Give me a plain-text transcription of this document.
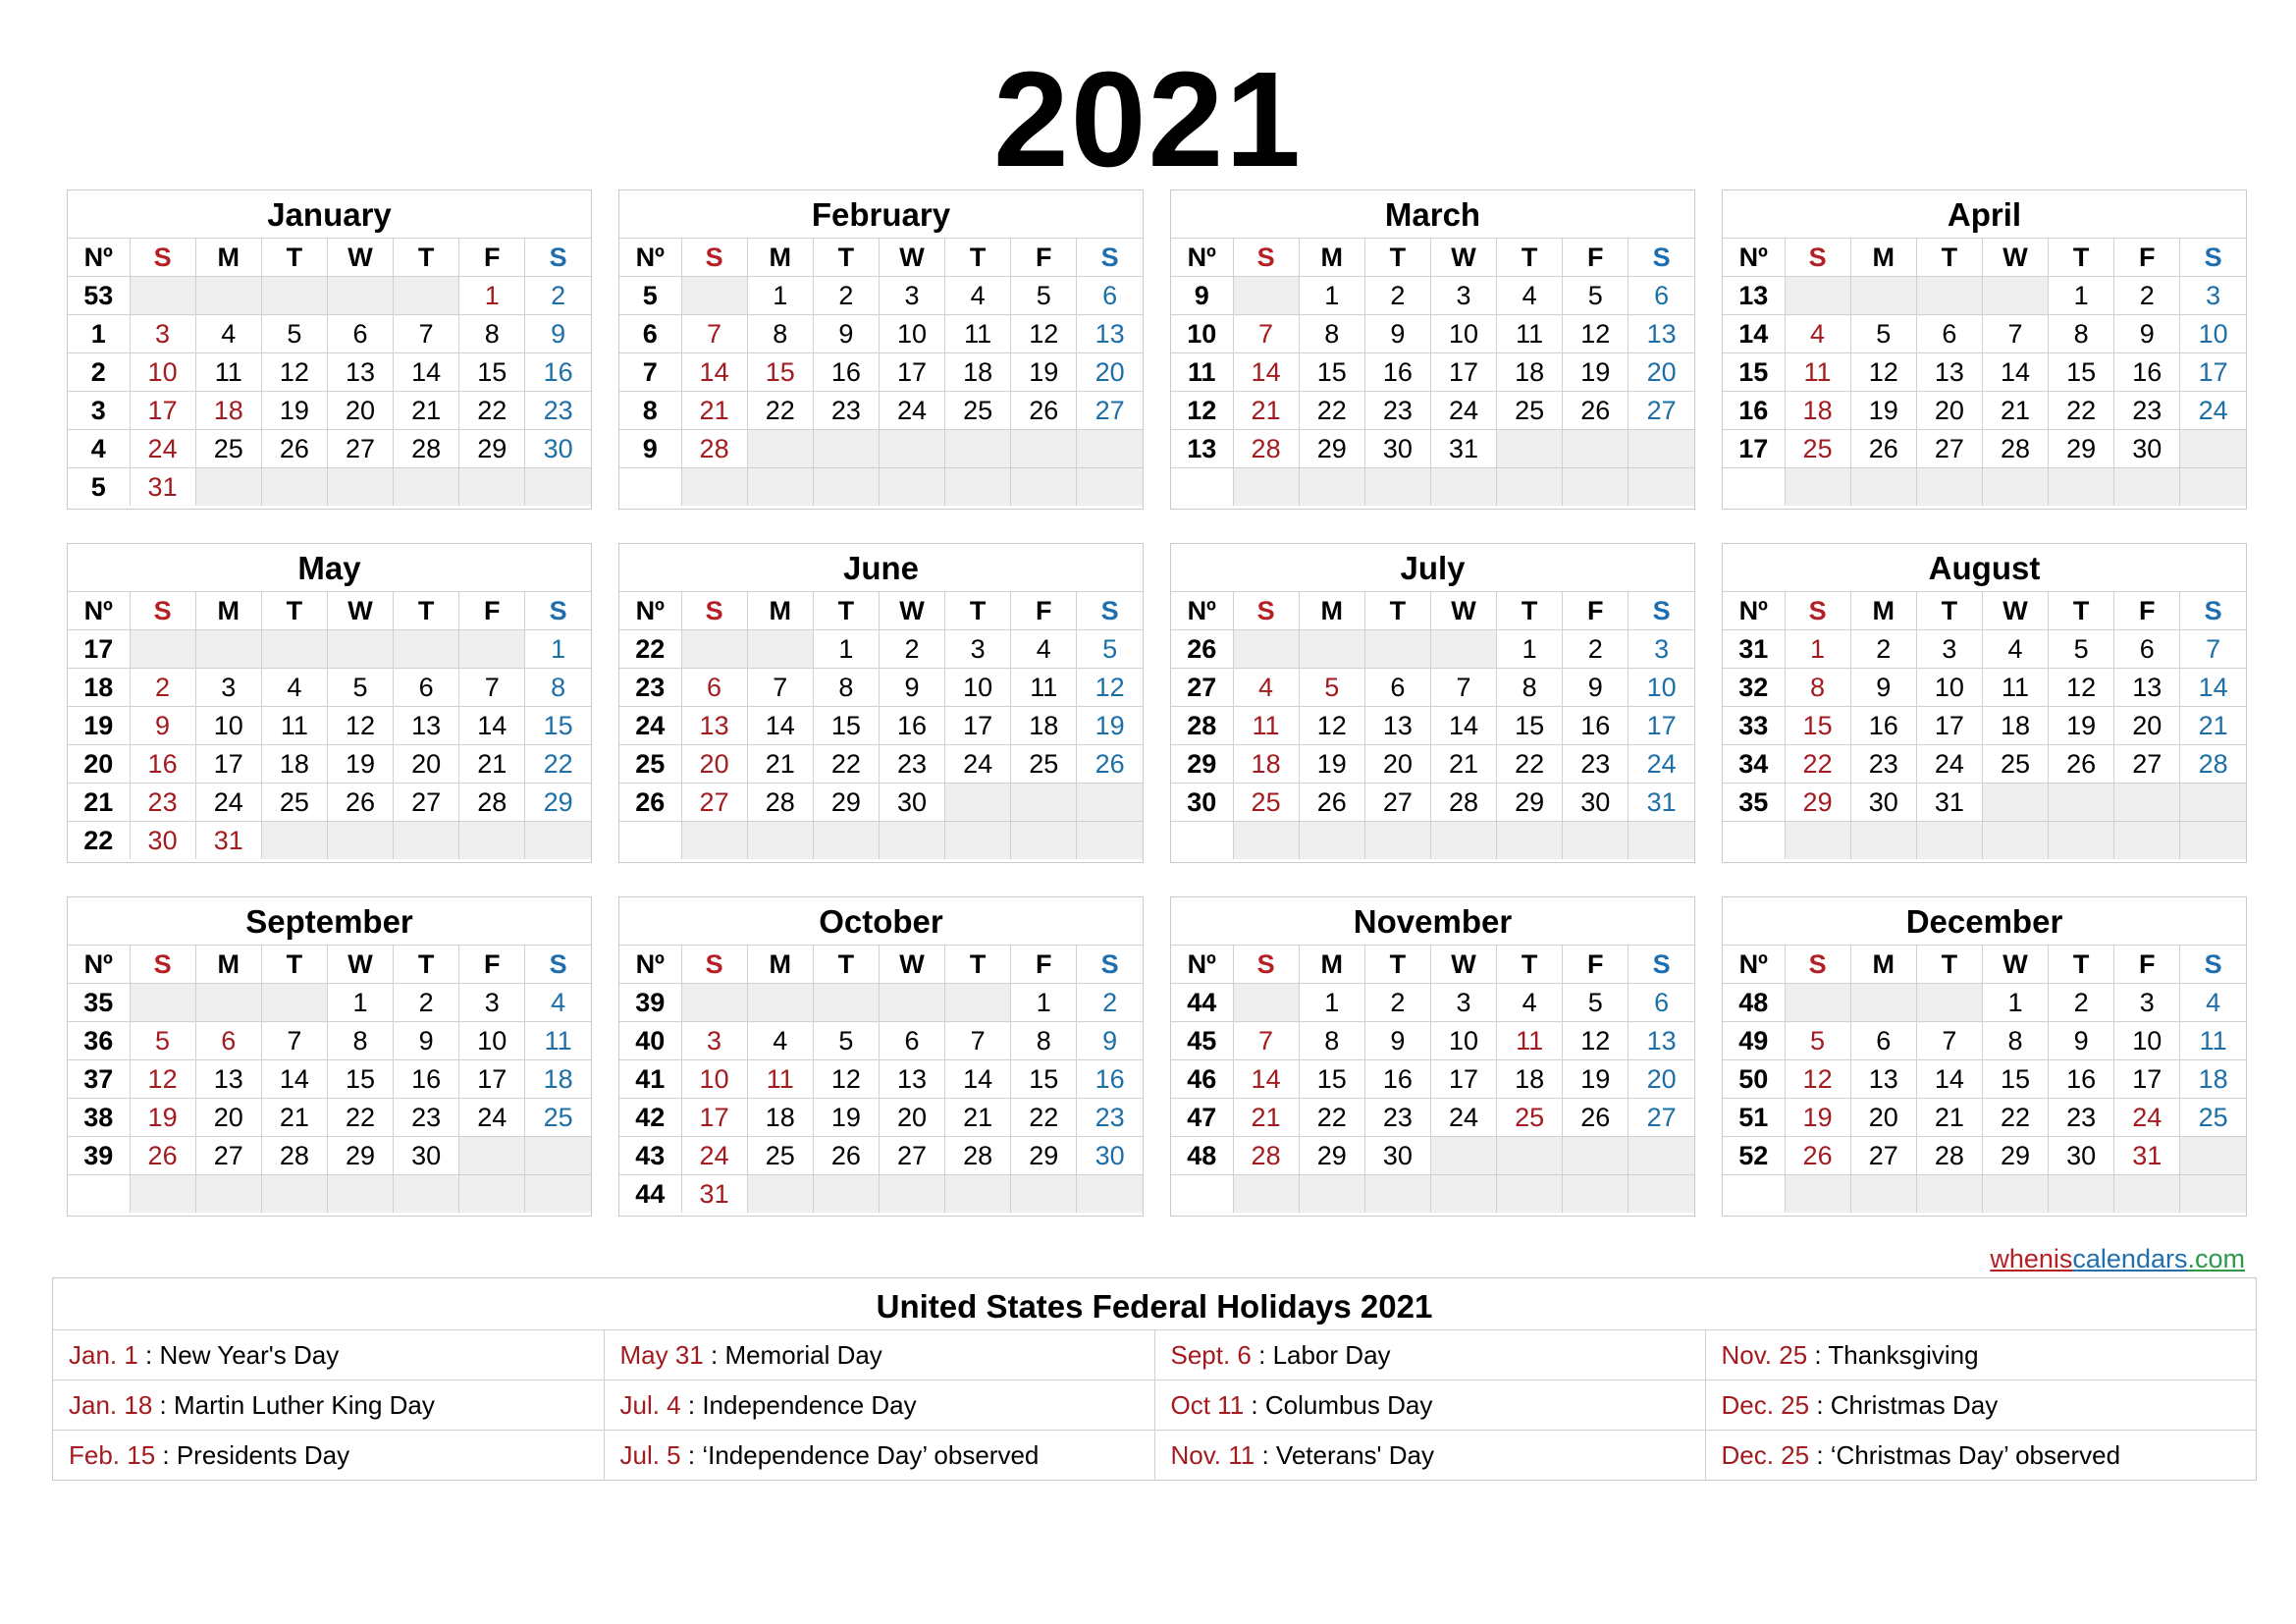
2021
January
Nº	S	M	T	W	T	F	S
53						1	2
1	3	4	5	6	7	8	9
2	10	11	12	13	14	15	16
3	17	18	19	20	21	22	23
4	24	25	26	27	28	29	30
5	31						
February
Nº	S	M	T	W	T	F	S
5		1	2	3	4	5	6
6	7	8	9	10	11	12	13
7	14	15	16	17	18	19	20
8	21	22	23	24	25	26	27
9	28						

March
Nº	S	M	T	W	T	F	S
9		1	2	3	4	5	6
10	7	8	9	10	11	12	13
11	14	15	16	17	18	19	20
12	21	22	23	24	25	26	27
13	28	29	30	31			

April
Nº	S	M	T	W	T	F	S
13					1	2	3
14	4	5	6	7	8	9	10
15	11	12	13	14	15	16	17
16	18	19	20	21	22	23	24
17	25	26	27	28	29	30	

May
Nº	S	M	T	W	T	F	S
17							1
18	2	3	4	5	6	7	8
19	9	10	11	12	13	14	15
20	16	17	18	19	20	21	22
21	23	24	25	26	27	28	29
22	30	31					
June
Nº	S	M	T	W	T	F	S
22			1	2	3	4	5
23	6	7	8	9	10	11	12
24	13	14	15	16	17	18	19
25	20	21	22	23	24	25	26
26	27	28	29	30			

July
Nº	S	M	T	W	T	F	S
26					1	2	3
27	4	5	6	7	8	9	10
28	11	12	13	14	15	16	17
29	18	19	20	21	22	23	24
30	25	26	27	28	29	30	31

August
Nº	S	M	T	W	T	F	S
31	1	2	3	4	5	6	7
32	8	9	10	11	12	13	14
33	15	16	17	18	19	20	21
34	22	23	24	25	26	27	28
35	29	30	31				

September
Nº	S	M	T	W	T	F	S
35				1	2	3	4
36	5	6	7	8	9	10	11
37	12	13	14	15	16	17	18
38	19	20	21	22	23	24	25
39	26	27	28	29	30		

October
Nº	S	M	T	W	T	F	S
39						1	2
40	3	4	5	6	7	8	9
41	10	11	12	13	14	15	16
42	17	18	19	20	21	22	23
43	24	25	26	27	28	29	30
44	31						
November
Nº	S	M	T	W	T	F	S
44		1	2	3	4	5	6
45	7	8	9	10	11	12	13
46	14	15	16	17	18	19	20
47	21	22	23	24	25	26	27
48	28	29	30				

December
Nº	S	M	T	W	T	F	S
48				1	2	3	4
49	5	6	7	8	9	10	11
50	12	13	14	15	16	17	18
51	19	20	21	22	23	24	25
52	26	27	28	29	30	31	

wheniscalendars.com
United States Federal Holidays 2021
Jan. 1 : New Year's Day	May 31 : Memorial Day	Sept. 6 : Labor Day	Nov. 25 : Thanksgiving
Jan. 18 : Martin Luther King Day	Jul. 4 : Independence Day	Oct 11 : Columbus Day	Dec. 25 : Christmas Day
Feb. 15 : Presidents Day	Jul. 5 : ‘Independence Day’ observed	Nov. 11 : Veterans' Day	Dec. 25 : ‘Christmas Day’ observed
